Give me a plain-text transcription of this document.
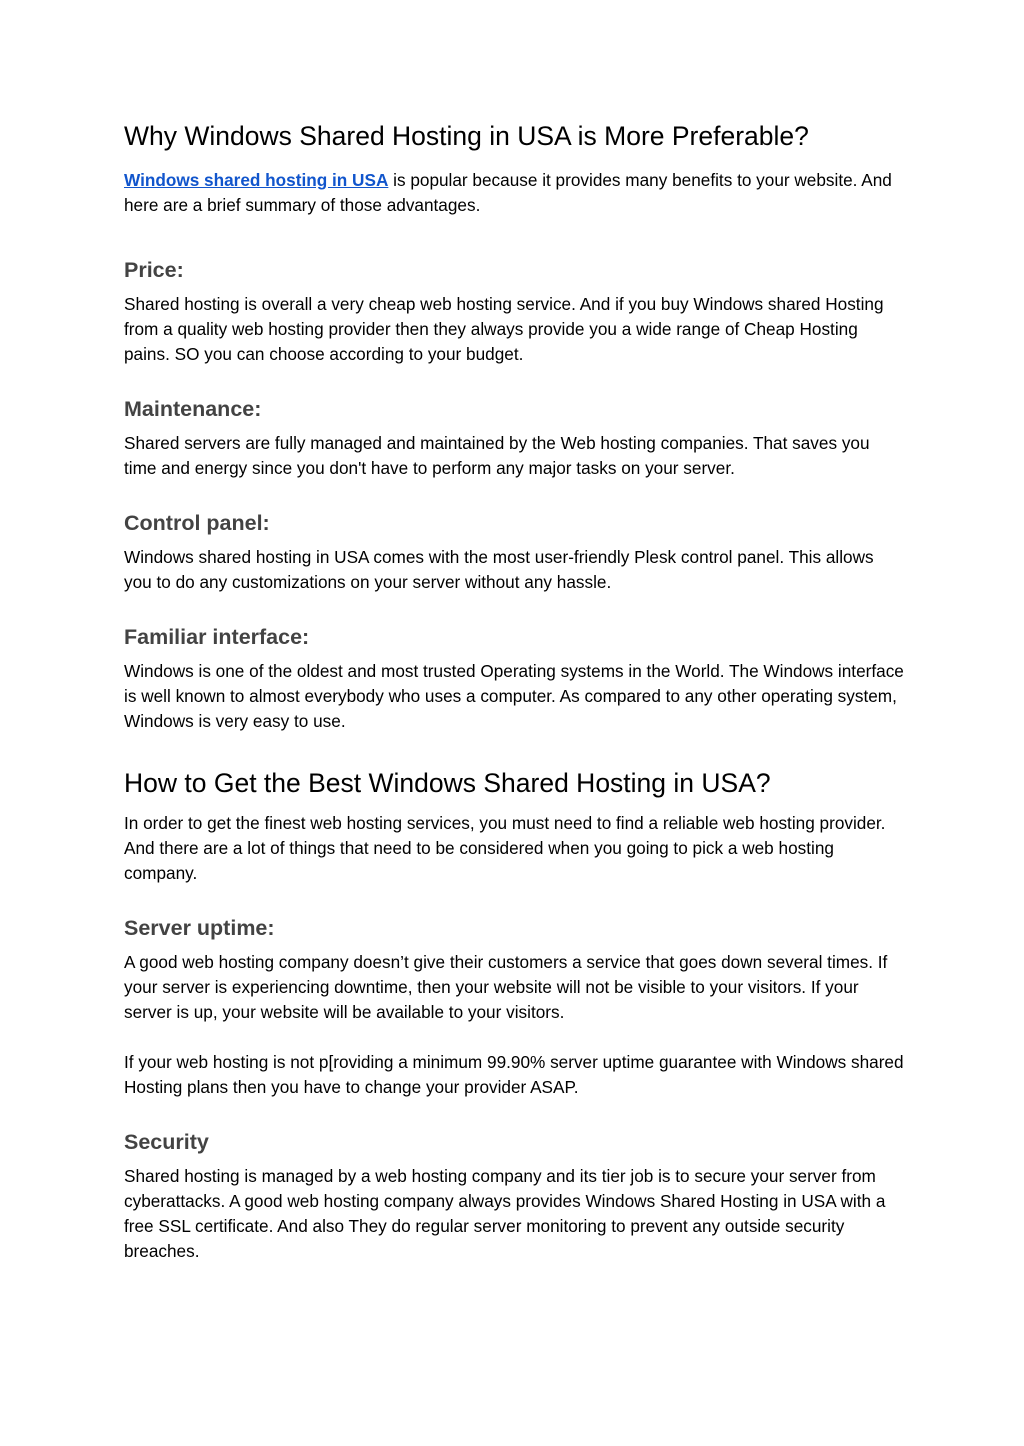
Why Windows Shared Hosting in USA is More Preferable?

Windows shared hosting in USA is popular because it provides many benefits to your website. And here are a brief summary of those advantages.

Price:

Shared hosting is overall a very cheap web hosting service. And if you buy Windows shared Hosting from a quality web hosting provider then they always provide you a wide range of Cheap Hosting pains. SO you can choose according to your budget.

Maintenance:

Shared servers are fully managed and maintained by the Web hosting companies. That saves you time and energy since you don't have to perform any major tasks on your server.

Control panel:

Windows shared hosting in USA comes with the most user-friendly Plesk control panel. This allows you to do any customizations on your server without any hassle.

Familiar interface:

Windows is one of the oldest and most trusted Operating systems in the World. The Windows interface is well known to almost everybody who uses a computer. As compared to any other operating system, Windows is very easy to use.

How to Get the Best Windows Shared Hosting in USA?

In order to get the finest web hosting services, you must need to find a reliable web hosting provider. And there are a lot of things that need to be considered when you going to pick a web hosting company.

Server uptime:

A good web hosting company doesn’t give their customers a service that goes down several times. If your server is experiencing downtime, then your website will not be visible to your visitors. If your server is up, your website will be available to your visitors.

If your web hosting is not p[roviding a minimum 99.90% server uptime guarantee with Windows shared Hosting plans then you have to change your provider ASAP.

Security

Shared hosting is managed by a web hosting company and its tier job is to secure your server from cyberattacks. A good web hosting company always provides Windows Shared Hosting in USA with a free SSL certificate. And also They do regular server monitoring to prevent any outside security breaches.
